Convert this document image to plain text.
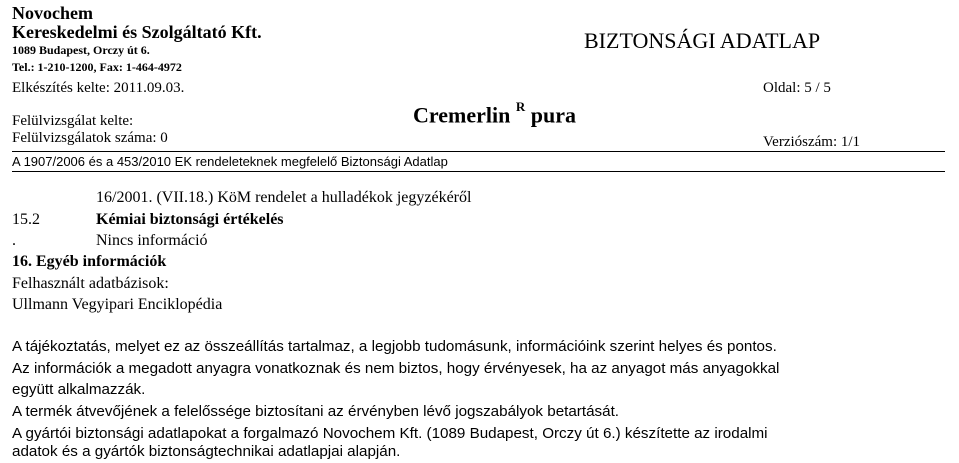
Novochem
Kereskedelmi és Szolgáltató Kft.
1089 Budapest, Orczy út 6.
Tel.: 1-210-1200, Fax: 1-464-4972
Elkészítés kelte: 2011.09.03.
Felülvizsgálat kelte:
Felülvizsgálatok száma: 0
BIZTONSÁGI ADATLAP
Oldal: 5 / 5
Verziószám: 1/1
Cremerlin $^R$ pura
A 1907/2006 és a 453/2010 EK rendeleteknek megfelelő Biztonsági Adatlap
16/2001. (VII.18.) KöM rendelet a hulladékok jegyzékéről
15.2	Kémiai biztonsági értékelés
.	Nincs információ
16. Egyéb információk
Felhasznált adatbázisok:
Ullmann Vegyipari Enciklopédia
A tájékoztatás, melyet ez az összeállítás tartalmaz, a legjobb tudomásunk, információink szerint helyes és pontos.
Az információk a megadott anyagra vonatkoznak és nem biztos, hogy érvényesek, ha az anyagot más anyagokkal
együtt alkalmazzák.
A termék átvevőjének a felelőssége biztosítani az érvényben lévő jogszabályok betartását.
A gyártói biztonsági adatlapokat a forgalmazó Novochem Kft. (1089 Budapest, Orczy út 6.) készítette az irodalmi
adatok és a gyártók biztonságtechnikai adatlapjai alapján.
